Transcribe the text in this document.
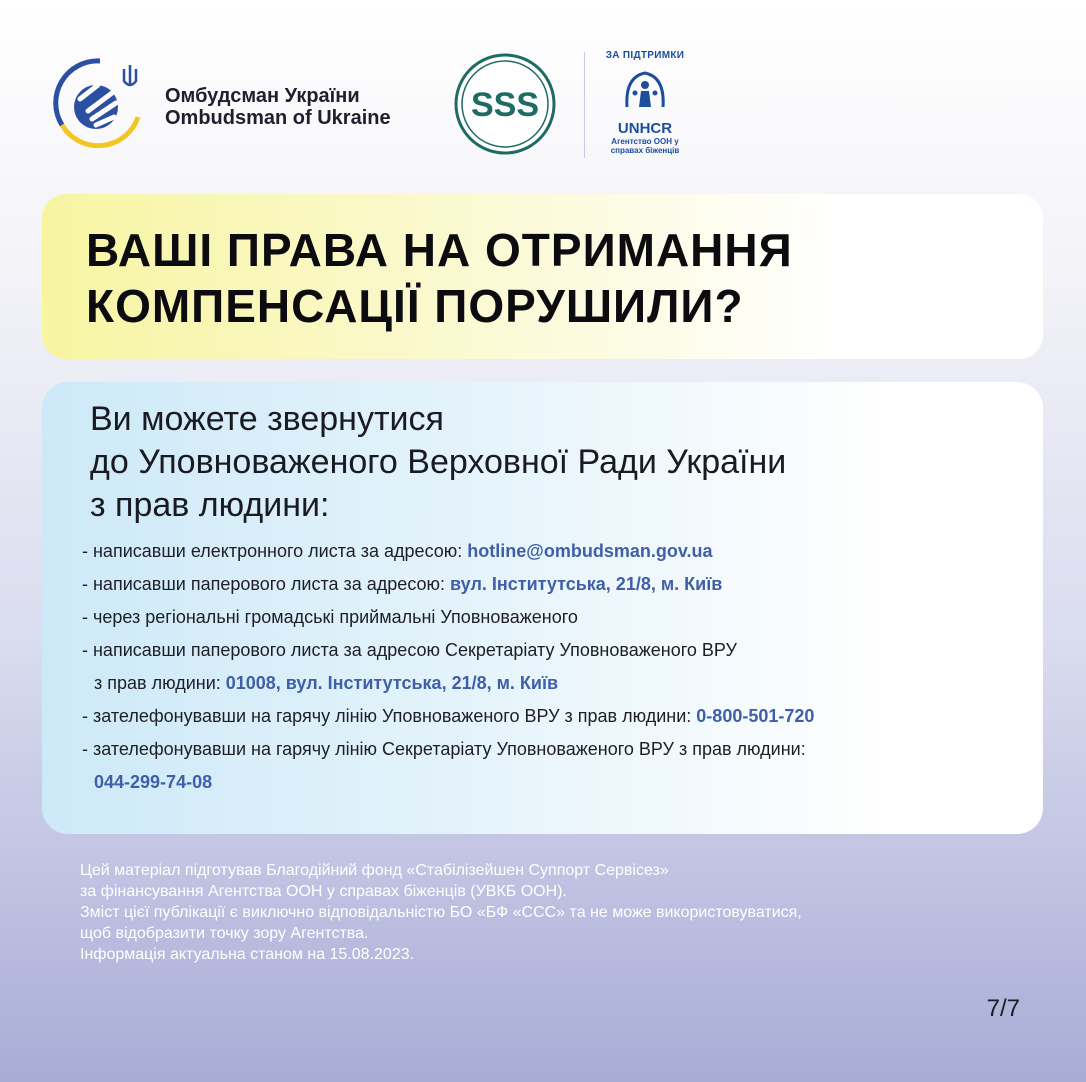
Омбудсман України
Ombudsman of Ukraine SSS
ЗА ПІДТРИМКИ
UNHCR
Агентство ООН у
справах біженців
ВАШІ ПРАВА НА ОТРИМАННЯ
КОМПЕНСАЦІЇ ПОРУШИЛИ?
Ви можете звернутися
до Уповноваженого Верховної Ради України
з прав людини:
- написавши електронного листа за адресою: hotline@ombudsman.gov.ua
- написавши паперового листа за адресою: вул. Інститутська, 21/8, м. Київ
- через регіональні громадські приймальні Уповноваженого
- написавши паперового листа за адресою Секретаріату Уповноваженого ВРУ
з прав людини: 01008, вул. Інститутська, 21/8, м. Київ
- зателефонувавши на гарячу лінію Уповноваженого ВРУ з прав людини: 0-800-501-720
- зателефонувавши на гарячу лінію Секретаріату Уповноваженого ВРУ з прав людини:
044-299-74-08
Цей матеріал підготував Благодійний фонд «Стабілізейшен Суппорт Сервісез»
за фінансування Агентства ООН у справах біженців (УВКБ ООН).
Зміст цієї публікації є виключно відповідальністю БО «БФ «ССС» та не може використовуватися,
щоб відобразити точку зору Агентства.
Інформація актуальна станом на 15.08.2023.
7/7
